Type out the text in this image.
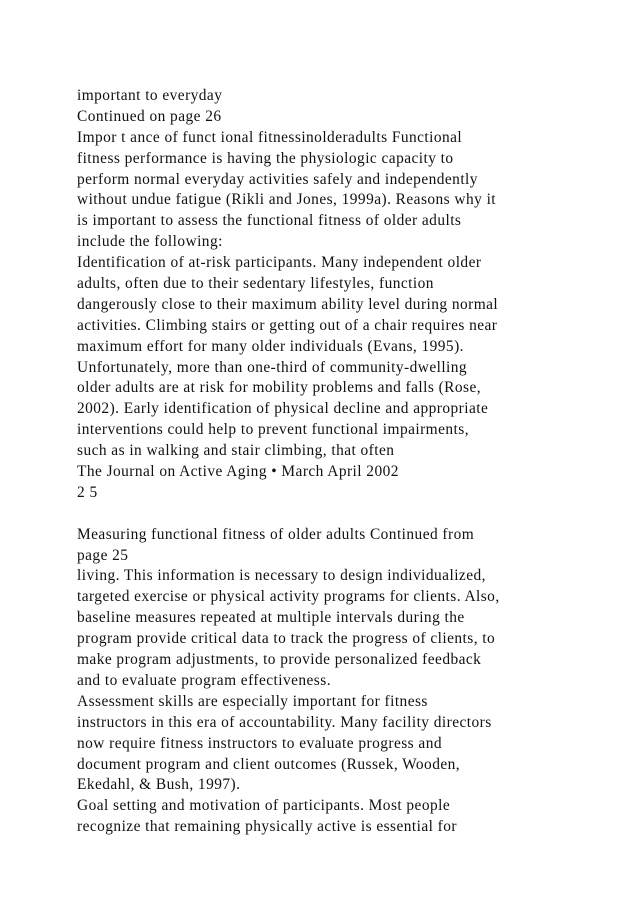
important to everyday
Continued on page 26
Impor t ance of funct ional fitnessinolderadults Functional
fitness performance is having the physiologic capacity to
perform normal everyday activities safely and independently
without undue fatigue (Rikli and Jones, 1999a). Reasons why it
is important to assess the functional fitness of older adults
include the following:
Identification of at-risk participants. Many independent older
adults, often due to their sedentary lifestyles, function
dangerously close to their maximum ability level during normal
activities. Climbing stairs or getting out of a chair requires near
maximum effort for many older individuals (Evans, 1995).
Unfortunately, more than one-third of community-dwelling
older adults are at risk for mobility problems and falls (Rose,
2002). Early identification of physical decline and appropriate
interventions could help to prevent functional impairments,
such as in walking and stair climbing, that often
The Journal on Active Aging • March April 2002
2 5
Measuring functional fitness of older adults Continued from
page 25
living. This information is necessary to design individualized,
targeted exercise or physical activity programs for clients. Also,
baseline measures repeated at multiple intervals during the
program provide critical data to track the progress of clients, to
make program adjustments, to provide personalized feedback
and to evaluate program effectiveness.
Assessment skills are especially important for fitness
instructors in this era of accountability. Many facility directors
now require fitness instructors to evaluate progress and
document program and client outcomes (Russek, Wooden,
Ekedahl, & Bush, 1997).
Goal setting and motivation of participants. Most people
recognize that remaining physically active is essential for
